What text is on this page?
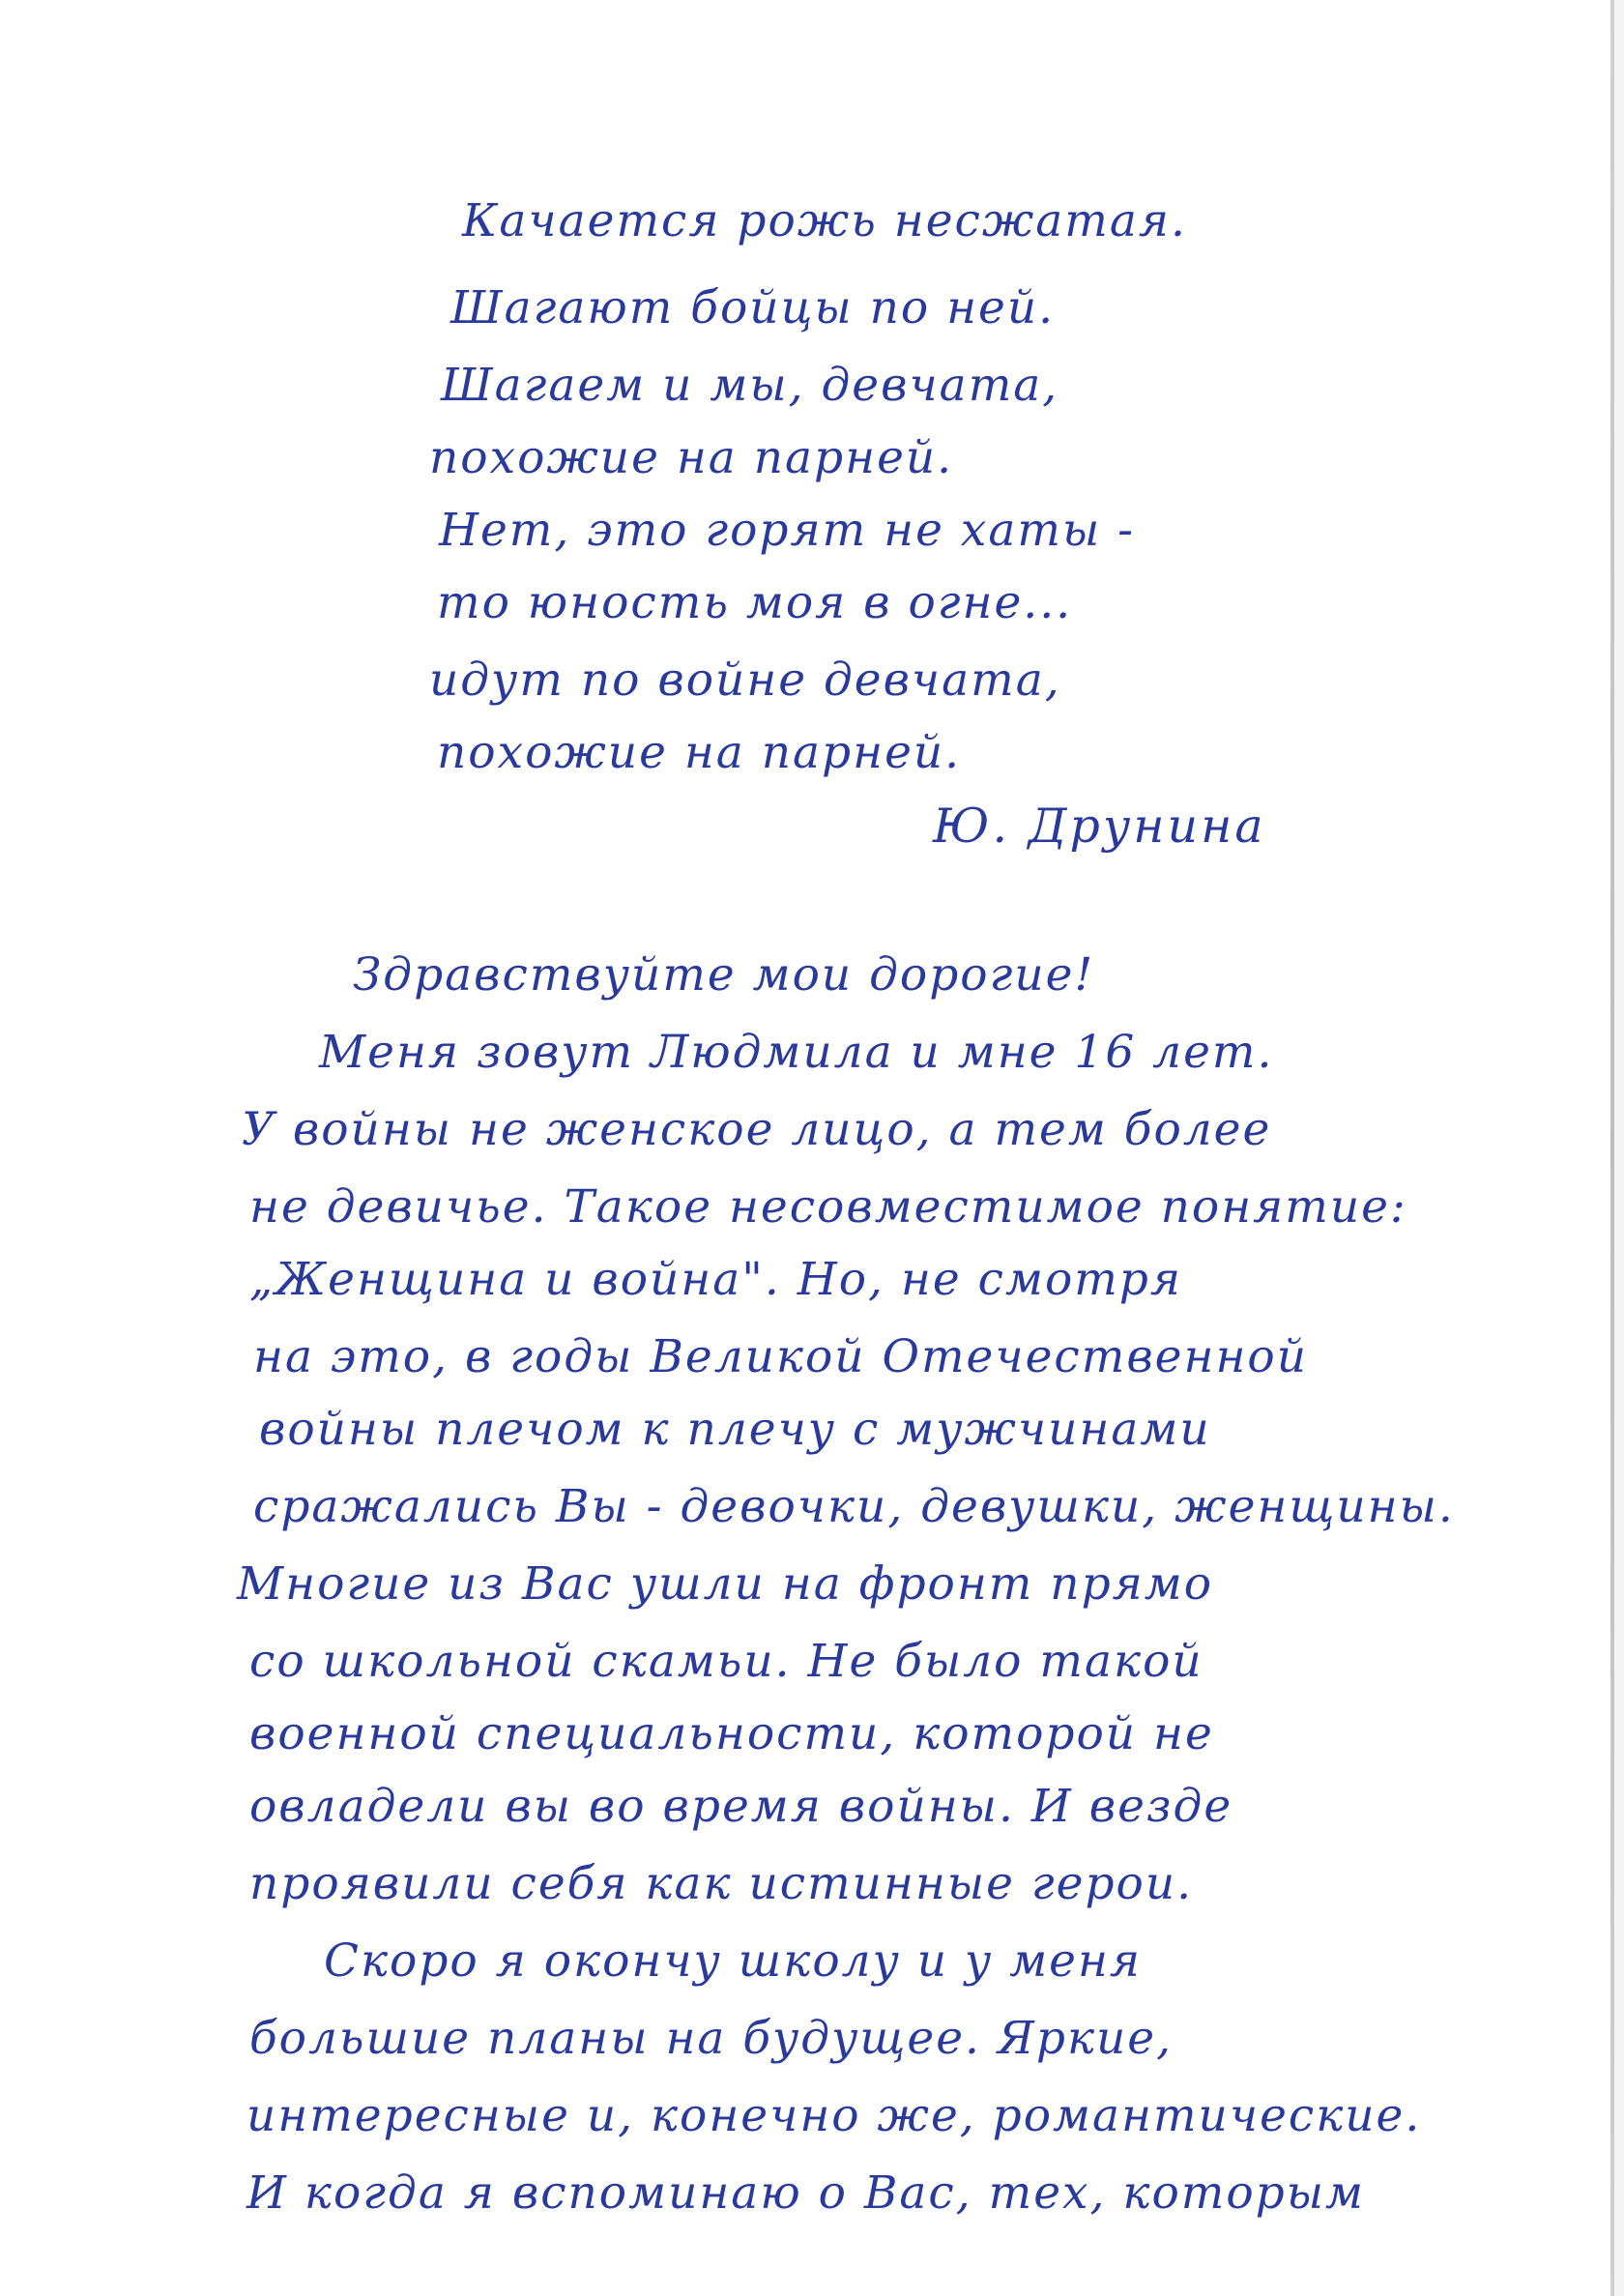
Качается рожь несжатая.
Шагают бойцы по ней.
Шагаем и мы, девчата,
похожие на парней.
Нет, это горят не хаты -
то юность моя в огне...
идут по войне девчата,
похожие на парней.
Ю. Друнина
Здравствуйте мои дорогие!
Меня зовут Людмила и мне 16 лет.
У войны не женское лицо, а тем более
не девичье. Такое несовместимое понятие:
„Женщина и война". Но, не смотря
на это, в годы Великой Отечественной
войны плечом к плечу с мужчинами
сражались Вы - девочки, девушки, женщины.
Многие из Вас ушли на фронт прямо
со школьной скамьи. Не было такой
военной специальности, которой не
овладели вы во время войны. И везде
проявили себя как истинные герои.
Скоро я окончу школу и у меня
большие планы на будущее. Яркие,
интересные и, конечно же, романтические.
И когда я вспоминаю о Вас, тех, которым
